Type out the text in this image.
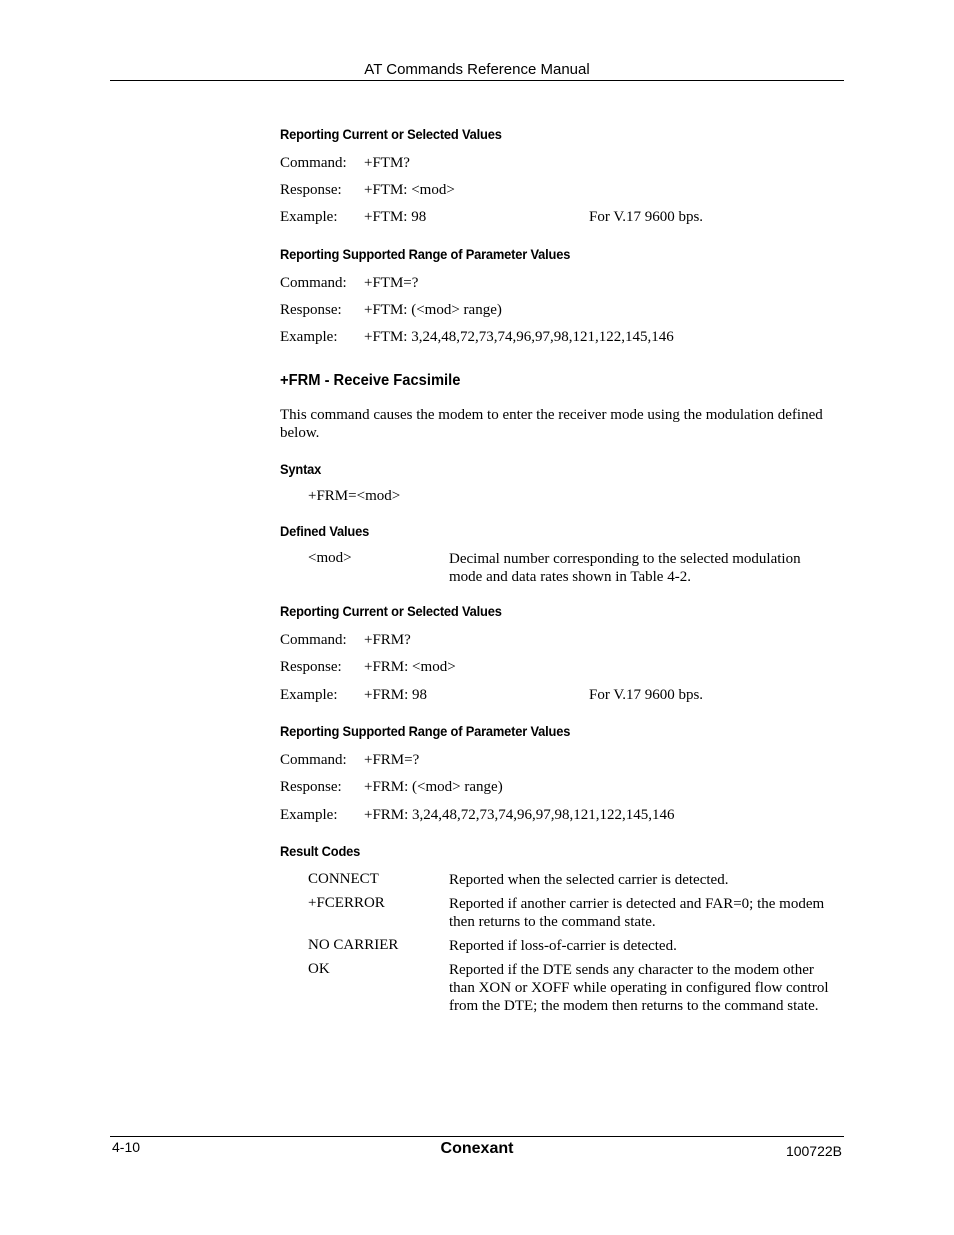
AT Commands Reference Manual
Reporting Current or Selected Values
Command: +FTM?
Response: +FTM: <mod>
Example: +FTM: 98	For V.17 9600 bps.
Reporting Supported Range of Parameter Values
Command: +FTM=?
Response: +FTM: (<mod> range)
Example: +FTM: 3,24,48,72,73,74,96,97,98,121,122,145,146
+FRM - Receive Facsimile
This command causes the modem to enter the receiver mode using the modulation defined below.
Syntax
+FRM=<mod>
Defined Values
<mod>	Decimal number corresponding to the selected modulation mode and data rates shown in Table 4-2.
Reporting Current or Selected Values
Command: +FRM?
Response: +FRM: <mod>
Example: +FRM: 98	For V.17 9600 bps.
Reporting Supported Range of Parameter Values
Command: +FRM=?
Response: +FRM: (<mod> range)
Example: +FRM: 3,24,48,72,73,74,96,97,98,121,122,145,146
Result Codes
CONNECT	Reported when the selected carrier is detected.
+FCERROR	Reported if another carrier is detected and FAR=0; the modem then returns to the command state.
NO CARRIER	Reported if loss-of-carrier is detected.
OK	Reported if the DTE sends any character to the modem other than XON or XOFF while operating in configured flow control from the DTE; the modem then returns to the command state.
4-10	Conexant	100722B
